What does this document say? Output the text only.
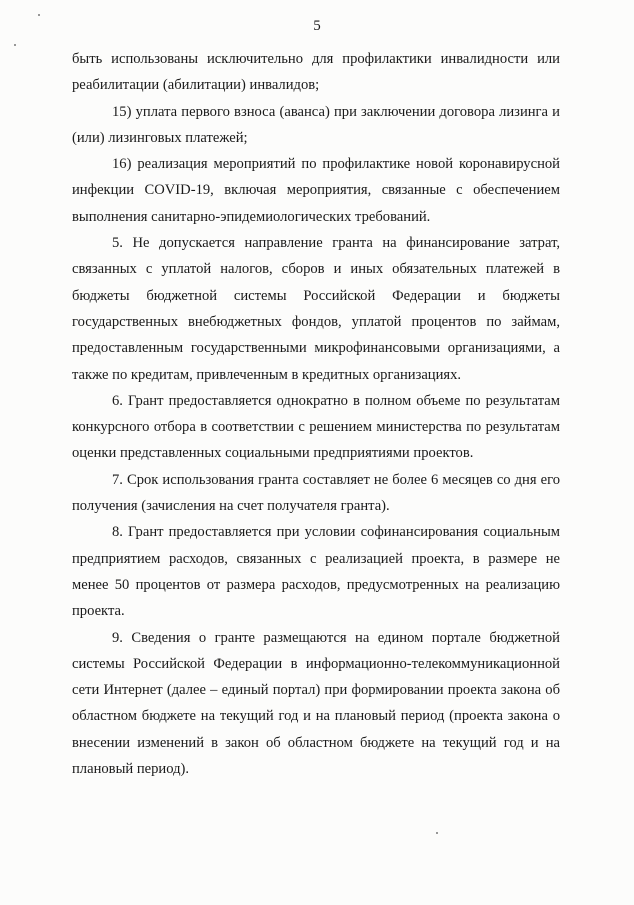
5

быть использованы исключительно для профилактики инвалидности или реабилитации (абилитации) инвалидов;

15) уплата первого взноса (аванса) при заключении договора лизинга и (или) лизинговых платежей;

16) реализация мероприятий по профилактике новой коронавирусной инфекции COVID-19, включая мероприятия, связанные с обеспечением выполнения санитарно-эпидемиологических требований.

5. Не допускается направление гранта на финансирование затрат, связанных с уплатой налогов, сборов и иных обязательных платежей в бюджеты бюджетной системы Российской Федерации и бюджеты государственных внебюджетных фондов, уплатой процентов по займам, предоставленным государственными микрофинансовыми организациями, а также по кредитам, привлеченным в кредитных организациях.

6. Грант предоставляется однократно в полном объеме по результатам конкурсного отбора в соответствии с решением министерства по результатам оценки представленных социальными предприятиями проектов.

7. Срок использования гранта составляет не более 6 месяцев со дня его получения (зачисления на счет получателя гранта).

8. Грант предоставляется при условии софинансирования социальным предприятием расходов, связанных с реализацией проекта, в размере не менее 50 процентов от размера расходов, предусмотренных на реализацию проекта.

9. Сведения о гранте размещаются на едином портале бюджетной системы Российской Федерации в информационно-телекоммуникационной сети Интернет (далее – единый портал) при формировании проекта закона об областном бюджете на текущий год и на плановый период (проекта закона о внесении изменений в закон об областном бюджете на текущий год и на плановый период).
